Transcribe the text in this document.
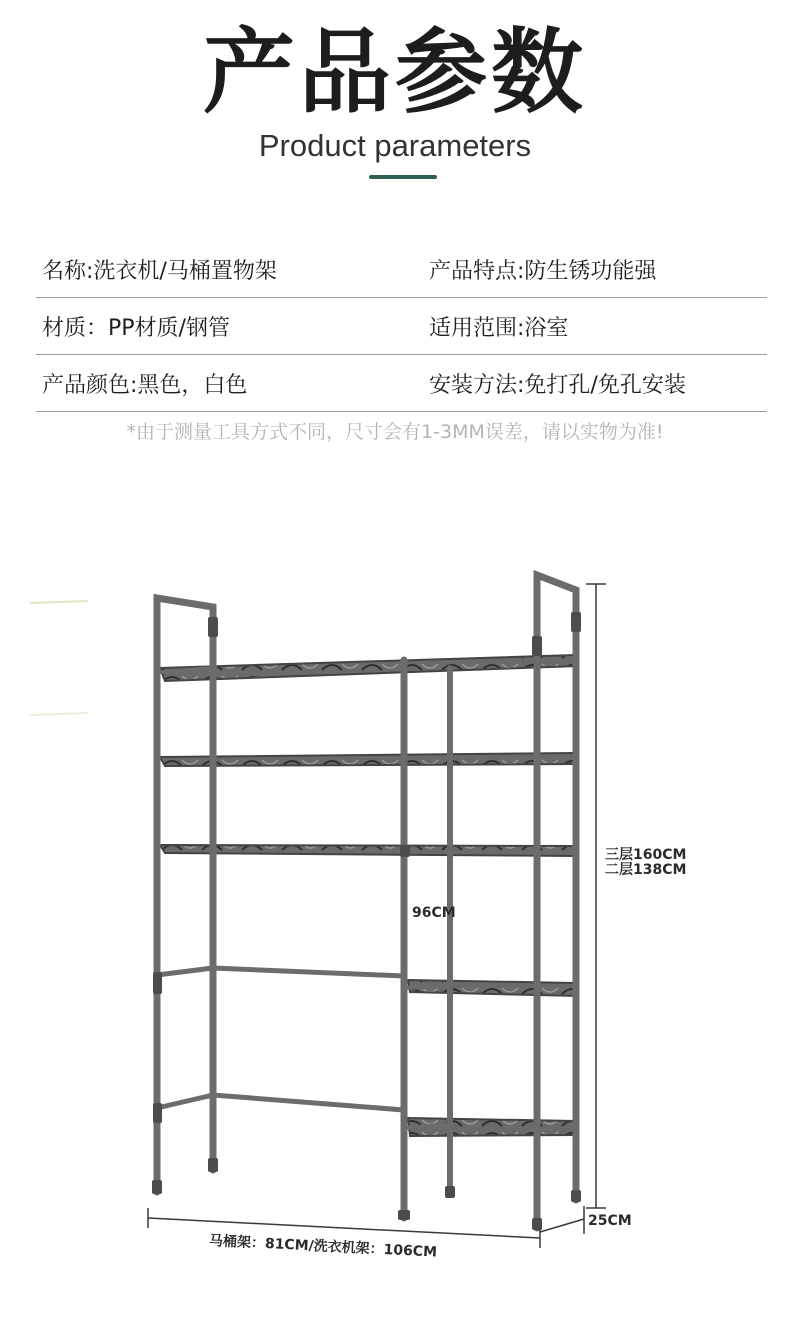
产品参数
Product parameters
名称:洗衣机/马桶置物架	产品特点:防生锈功能强
材质：PP材质/钢管	适用范围:浴室
产品颜色:黑色，白色	安装方法:免打孔/免孔安装
*由于测量工具方式不同，尺寸会有1-3MM误差，请以实物为准!
三层160CM
二层138CM
96CM
25CM
马桶架：81CM/洗衣机架：106CM
